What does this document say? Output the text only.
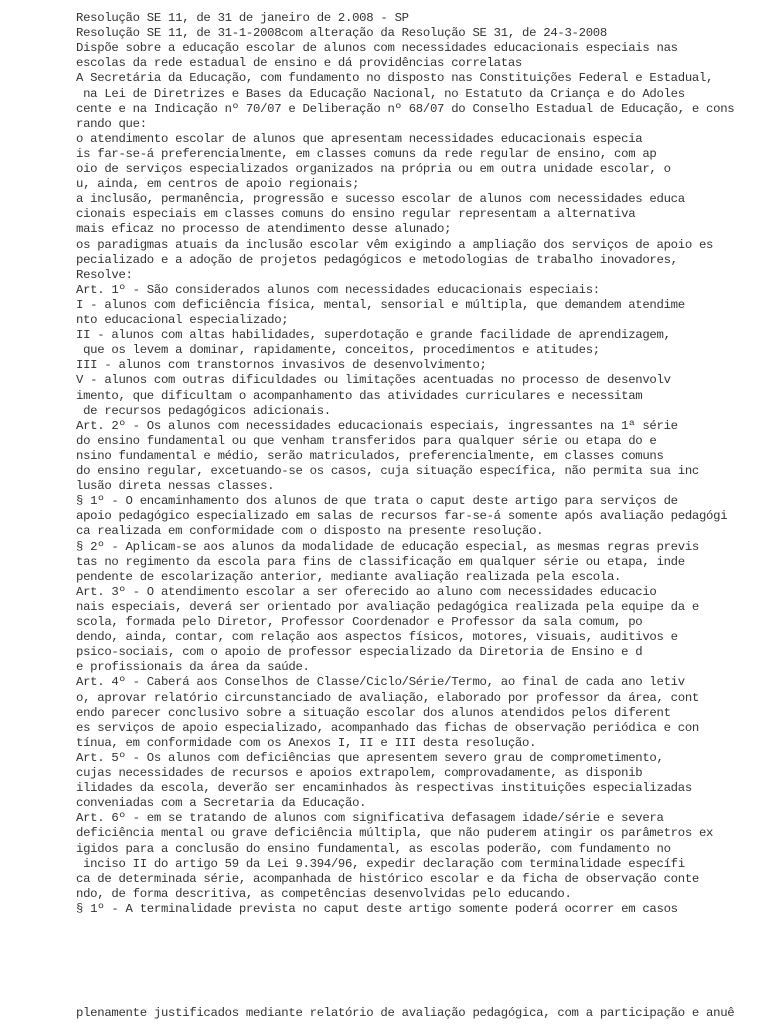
Resolução SE 11, de 31 de janeiro de 2.008 - SP

Resolução SE 11, de 31-1-2008com alteração da Resolução SE 31, de 24-3-2008

Dispõe sobre a educação escolar de alunos com necessidades educacionais especiais nas

escolas da rede estadual de ensino e dá providências correlatas

A Secretária da Educação, com fundamento no disposto nas Constituições Federal e Estadual,

na Lei de Diretrizes e Bases da Educação Nacional, no Estatuto da Criança e do Adoles

cente e na Indicação nº 70/07 e Deliberação nº 68/07 do Conselho Estadual de Educação, e cons

rando que:

o atendimento escolar de alunos que apresentam necessidades educacionais especia

is far-se-á preferencialmente, em classes comuns da rede regular de ensino, com ap

oio de serviços especializados organizados na própria ou em outra unidade escolar, o

u, ainda, em centros de apoio regionais;

a inclusão, permanência, progressão e sucesso escolar de alunos com necessidades educa

cionais especiais em classes comuns do ensino regular representam a alternativa

mais eficaz no processo de atendimento desse alunado;

os paradigmas atuais da inclusão escolar vêm exigindo a ampliação dos serviços de apoio es

pecializado e a adoção de projetos pedagógicos e metodologias de trabalho inovadores,

Resolve:

Art. 1º - São considerados alunos com necessidades educacionais especiais:

I - alunos com deficiência física, mental, sensorial e múltipla, que demandem atendime

nto educacional especializado;

II - alunos com altas habilidades, superdotação e grande facilidade de aprendizagem,

que os levem a dominar, rapidamente, conceitos, procedimentos e atitudes;

III - alunos com transtornos invasivos de desenvolvimento;

V - alunos com outras dificuldades ou limitações acentuadas no processo de desenvolv

imento, que dificultam o acompanhamento das atividades curriculares e necessitam

de recursos pedagógicos adicionais.

Art. 2º - Os alunos com necessidades educacionais especiais, ingressantes na 1ª série

do ensino fundamental ou que venham transferidos para qualquer série ou etapa do e

nsino fundamental e médio, serão matriculados, preferencialmente, em classes comuns

do ensino regular, excetuando-se os casos, cuja situação específica, não permita sua inc

lusão direta nessas classes.

§ 1º - O encaminhamento dos alunos de que trata o caput deste artigo para serviços de

apoio pedagógico especializado em salas de recursos far-se-á somente após avaliação pedagógi

ca realizada em conformidade com o disposto na presente resolução.

§ 2º - Aplicam-se aos alunos da modalidade de educação especial, as mesmas regras previs

tas no regimento da escola para fins de classificação em qualquer série ou etapa, inde

pendente de escolarização anterior, mediante avaliação realizada pela escola.

Art. 3º - O atendimento escolar a ser oferecido ao aluno com necessidades educacio

nais especiais, deverá ser orientado por avaliação pedagógica realizada pela equipe da e

scola, formada pelo Diretor, Professor Coordenador e Professor da sala comum, po

dendo, ainda, contar, com relação aos aspectos físicos, motores, visuais, auditivos e

psico-sociais, com o apoio de professor especializado da Diretoria de Ensino e d

e profissionais da área da saúde.

Art. 4º - Caberá aos Conselhos de Classe/Ciclo/Série/Termo, ao final de cada ano letiv

o, aprovar relatório circunstanciado de avaliação, elaborado por professor da área, cont

endo parecer conclusivo sobre a situação escolar dos alunos atendidos pelos diferent

es serviços de apoio especializado, acompanhado das fichas de observação periódica e con

tínua, em conformidade com os Anexos I, II e III desta resolução.

Art. 5º - Os alunos com deficiências que apresentem severo grau de comprometimento,

cujas necessidades de recursos e apoios extrapolem, comprovadamente, as disponib

ilidades da escola, deverão ser encaminhados às respectivas instituições especializadas

conveniadas com a Secretaria da Educação.

Art. 6º - em se tratando de alunos com significativa defasagem idade/série e severa

deficiência mental ou grave deficiência múltipla, que não puderem atingir os parâmetros ex

igidos para a conclusão do ensino fundamental, as escolas poderão, com fundamento no

inciso II do artigo 59 da Lei 9.394/96, expedir declaração com terminalidade específi

ca de determinada série, acompanhada de histórico escolar e da ficha de observação conte

ndo, de forma descritiva, as competências desenvolvidas pelo educando.

§ 1º - A terminalidade prevista no caput deste artigo somente poderá ocorrer em casos

plenamente justificados mediante relatório de avaliação pedagógica, com a participação e anuê
